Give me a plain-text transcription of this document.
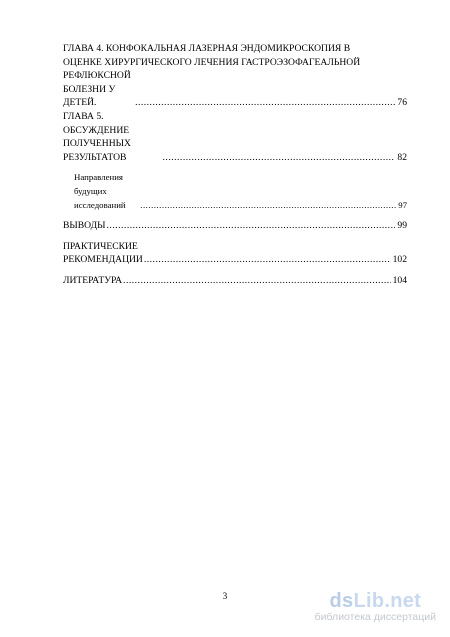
ГЛАВА 4. КОНФОКАЛЬНАЯ ЛАЗЕРНАЯ ЭНДОМИКРОСКОПИЯ В
ОЦЕНКЕ ХИРУРГИЧЕСКОГО ЛЕЧЕНИЯ ГАСТРОЭЗОФАГЕАЛЬНОЙ
РЕФЛЮКСНОЙ БОЛЕЗНИ У ДЕТЕЙ. .....	76
ГЛАВА 5. ОБСУЖДЕНИЕ ПОЛУЧЕННЫХ РЕЗУЛЬТАТОВ .....	82
Направления будущих исследований .....	97
ВЫВОДЫ .....	99
ПРАКТИЧЕСКИЕ РЕКОМЕНДАЦИИ .....	102
ЛИТЕРАТУРА .....	104
3	dsLib.net
библиотека диссертаций
